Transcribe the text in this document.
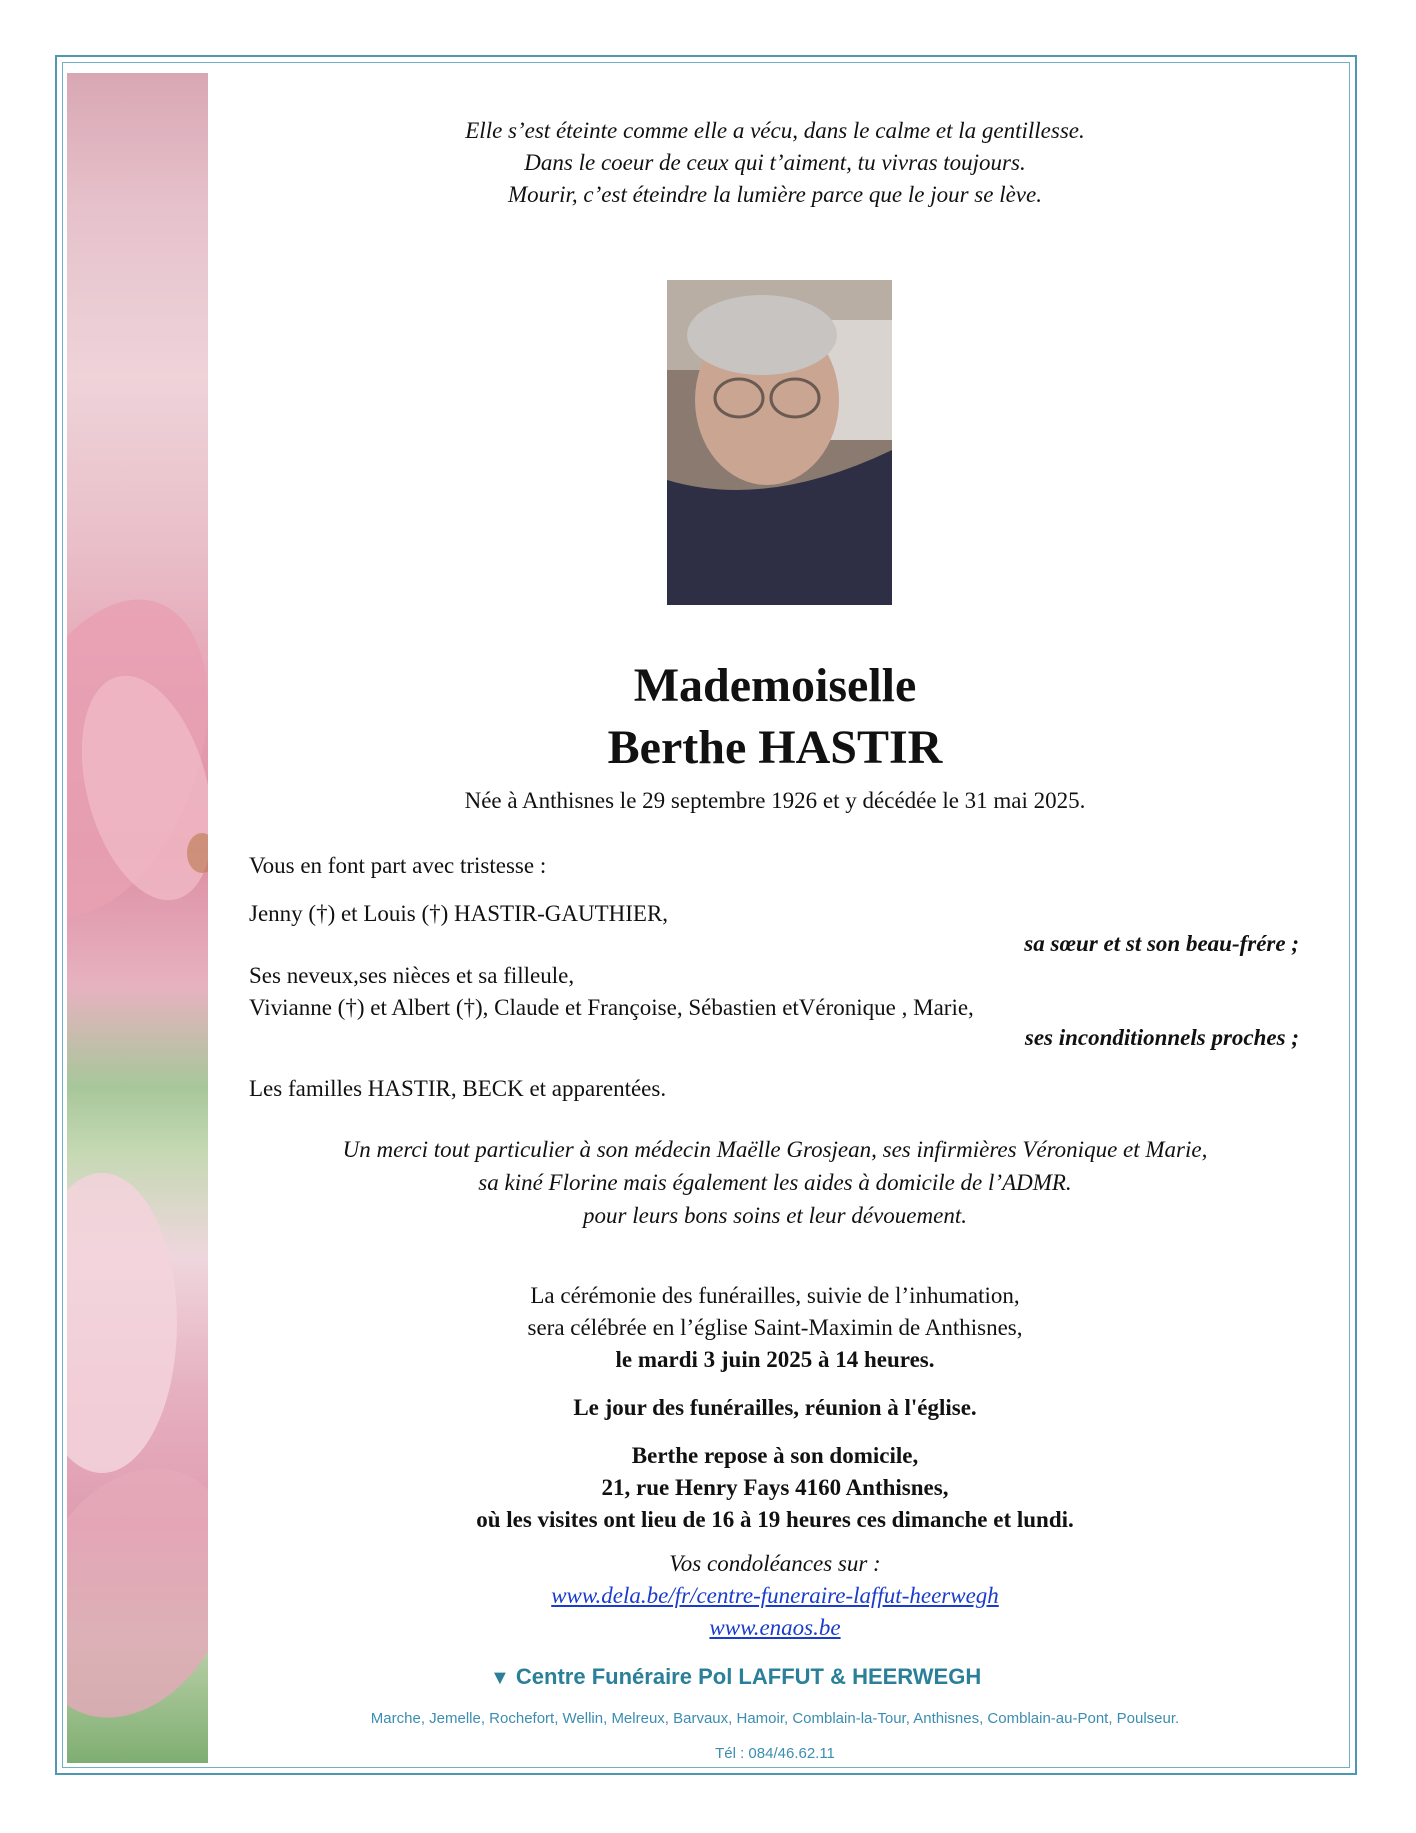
Elle s’est éteinte comme elle a vécu, dans le calme et la gentillesse.
Dans le coeur de ceux qui t’aiment, tu vivras toujours.
Mourir, c’est éteindre la lumière parce que le jour se lève.
Mademoiselle
Berthe HASTIR
Née à Anthisnes le 29 septembre 1926 et y décédée le 31 mai 2025.
Vous en font part avec tristesse :
Jenny (†) et Louis (†) HASTIR-GAUTHIER,
sa sœur et st son beau-frére ;
Ses neveux,ses nièces et sa filleule,
Vivianne (†) et Albert (†), Claude et Françoise, Sébastien etVéronique , Marie,
ses inconditionnels proches ;
Les familles HASTIR, BECK et apparentées.
Un merci tout particulier à son médecin Maëlle Grosjean, ses infirmières Véronique et Marie,
sa kiné Florine mais également les aides à domicile de l’ADMR.
pour leurs bons soins et leur dévouement.
La cérémonie des funérailles, suivie de l’inhumation,
sera célébrée en l’église Saint-Maximin de Anthisnes,
le mardi 3 juin 2025 à 14 heures.
Le jour des funérailles, réunion à l'église.
Berthe repose à son domicile,
21, rue Henry Fays 4160 Anthisnes,
où les visites ont lieu de 16 à 19 heures ces dimanche et lundi.
Vos condoléances sur :
www.dela.be/fr/centre-funeraire-laffut-heerwegh
www.enaos.be
▼ Centre Funéraire Pol LAFFUT & HEERWEGH
Marche, Jemelle, Rochefort, Wellin, Melreux, Barvaux, Hamoir, Comblain-la-Tour, Anthisnes, Comblain-au-Pont, Poulseur.
Tél : 084/46.62.11
